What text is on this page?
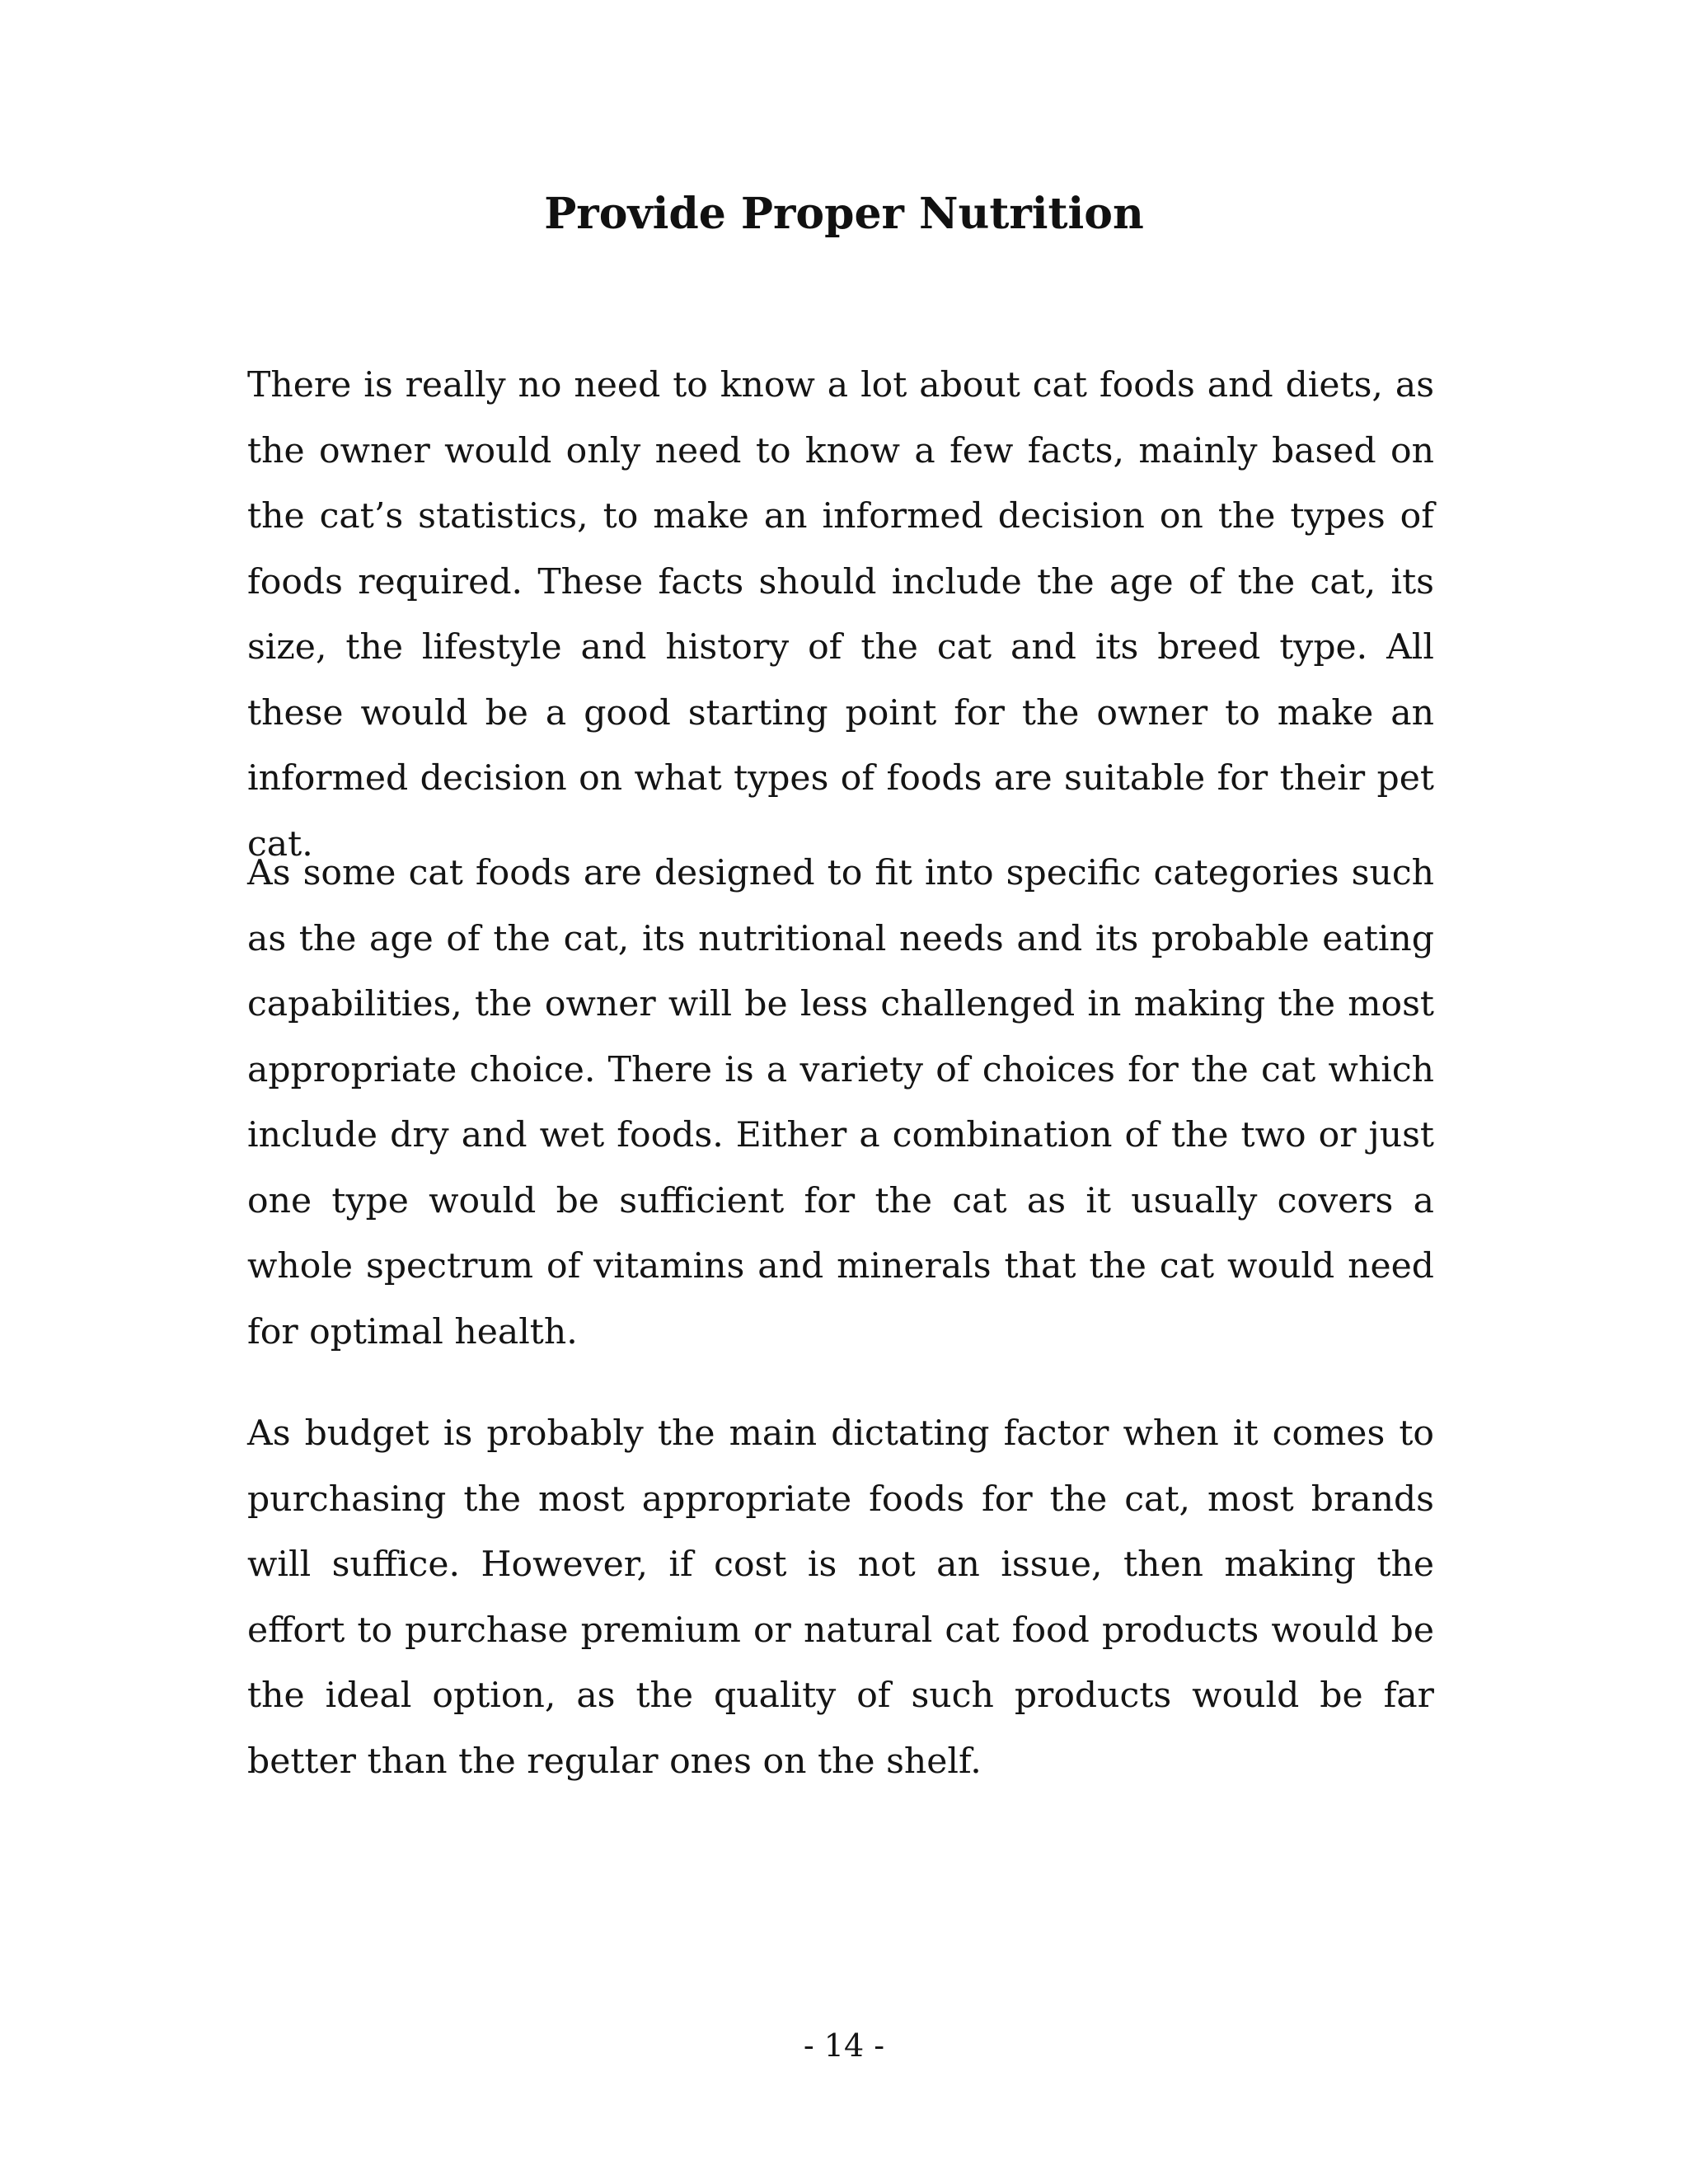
Provide Proper Nutrition

There is really no need to know a lot about cat foods and diets, as the owner would only need to know a few facts, mainly based on the cat’s statistics, to make an informed decision on the types of foods required. These facts should include the age of the cat, its size, the lifestyle and history of the cat and its breed type. All these would be a good starting point for the owner to make an informed decision on what types of foods are suitable for their pet cat.

As some cat foods are designed to fit into specific categories such as the age of the cat, its nutritional needs and its probable eating capabilities, the owner will be less challenged in making the most appropriate choice. There is a variety of choices for the cat which include dry and wet foods. Either a combination of the two or just one type would be sufficient for the cat as it usually covers a whole spectrum of vitamins and minerals that the cat would need for optimal health.

As budget is probably the main dictating factor when it comes to purchasing the most appropriate foods for the cat, most brands will suffice. However, if cost is not an issue, then making the effort to purchase premium or natural cat food products would be the ideal option, as the quality of such products would be far better than the regular ones on the shelf.

- 14 -
